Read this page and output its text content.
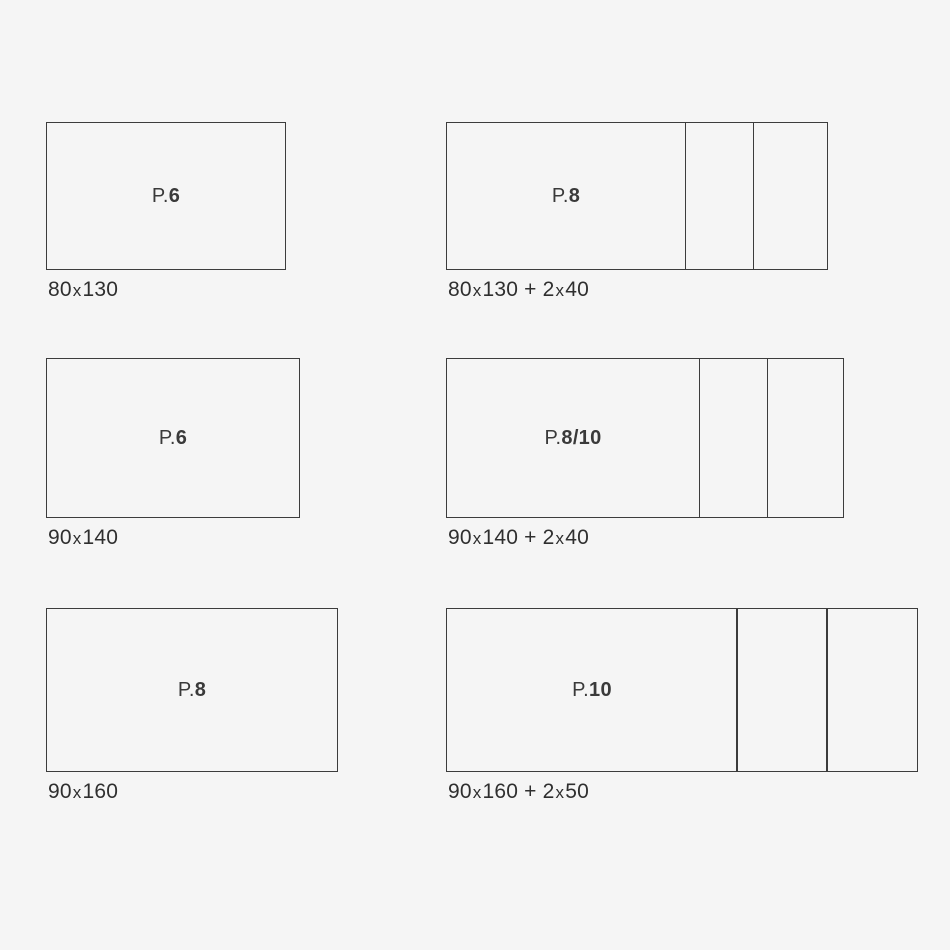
P.6
80x130
P.8
80x130 + 2x40
P.6
90x140
P.8/10
90x140 + 2x40
P.8
90x160
P.10
90x160 + 2x50
